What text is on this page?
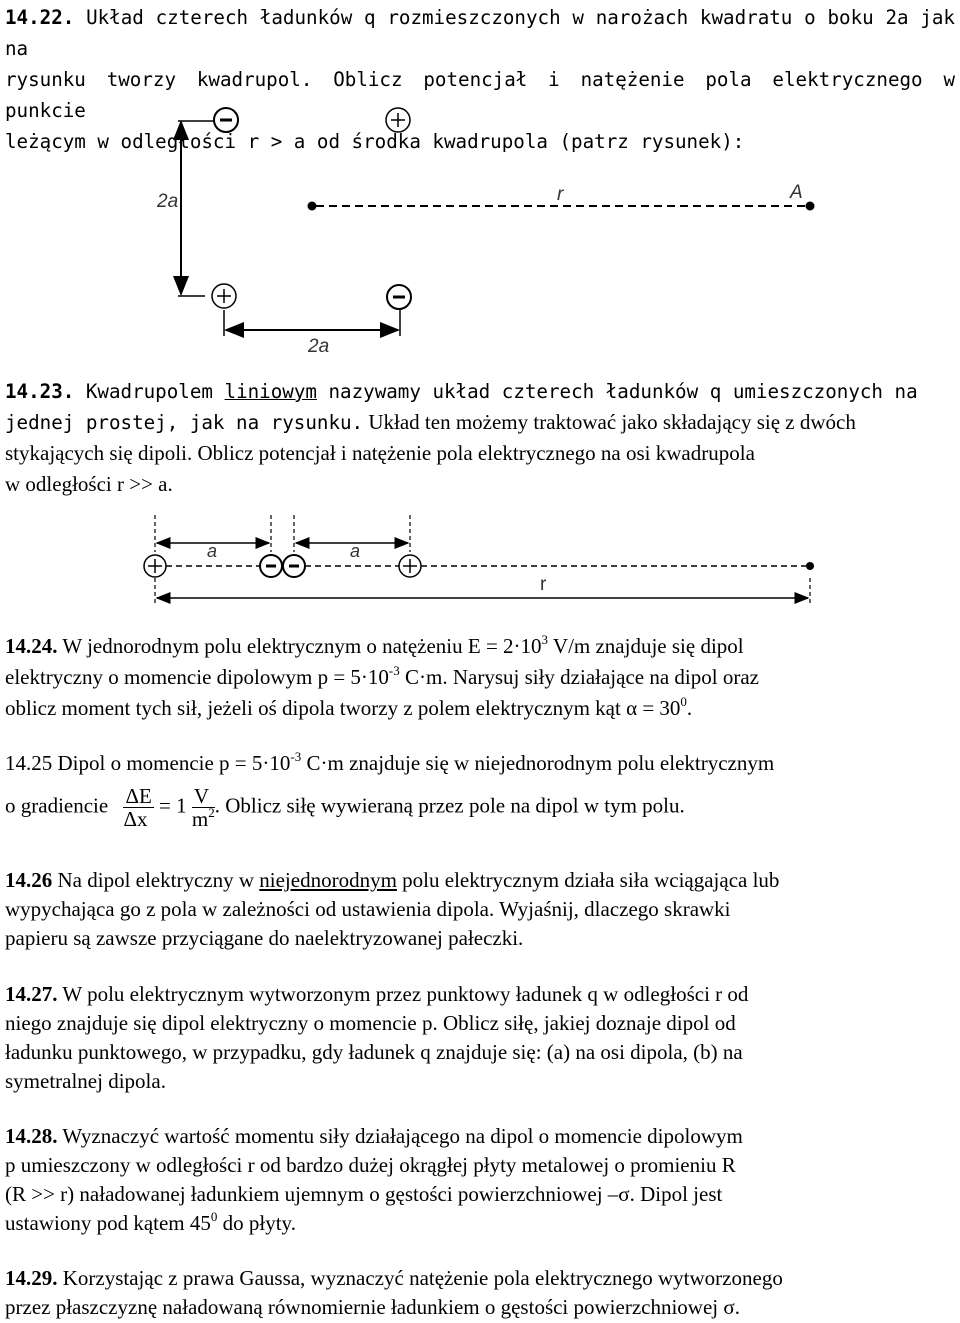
14.22. Układ czterech ładunków q rozmieszczonych w narożach kwadratu o boku 2a jak na
rysunku tworzy kwadrupol. Oblicz potencjał i natężenie pola elektrycznego w punkcie
leżącym w odległości r > a od środka kwadrupola (patrz rysunek):
2a	r	A
2a
14.23. Kwadrupolem liniowym nazywamy układ czterech ładunków q umieszczonych na
jednej prostej, jak na rysunku. Układ ten możemy traktować jako składający się z dwóch
stykających się dipoli. Oblicz potencjał i natężenie pola elektrycznego na osi kwadrupola
w odległości r >> a.
a	a
r
14.24. W jednorodnym polu elektrycznym o natężeniu $E = 2\cdot 10^3$ V/m znajduje się dipol
elektryczny o momencie dipolowym $p = 5\cdot 10^{-3}$ C·m. Narysuj siły działające na dipol oraz
oblicz moment tych sił, jeżeli oś dipola tworzy z polem elektrycznym kąt $\alpha = 30^0$.
14.25 Dipol o momencie $p = 5\cdot 10^{-3}$ C·m znajduje się w niejednorodnym polu elektrycznym
o gradiencie $\frac{\Delta E}{\Delta x} = 1 \frac{V}{m^2}$ . Oblicz siłę wywieraną przez pole na dipol w tym polu.
14.26 Na dipol elektryczny w niejednorodnym polu elektrycznym działa siła wciągająca lub
wypychająca go z pola w zależności od ustawienia dipola. Wyjaśnij, dlaczego skrawki
papieru są zawsze przyciągane do naelektryzowanej pałeczki.
14.27. W polu elektrycznym wytworzonym przez punktowy ładunek q w odległości r od
niego znajduje się dipol elektryczny o momencie p. Oblicz siłę, jakiej doznaje dipol od
ładunku punktowego, w przypadku, gdy ładunek q znajduje się: (a) na osi dipola, (b) na
symetralnej dipola.
14.28. Wyznaczyć wartość momentu siły działającego na dipol o momencie dipolowym
p umieszczony w odległości r od bardzo dużej okrągłej płyty metalowej o promieniu R
(R >> r) naładowanej ładunkiem ujemnym o gęstości powierzchniowej –σ. Dipol jest
ustawiony pod kątem $45^0$ do płyty.
14.29. Korzystając z prawa Gaussa, wyznaczyć natężenie pola elektrycznego wytworzonego
przez płaszczyznę naładowaną równomiernie ładunkiem o gęstości powierzchniowej σ.
